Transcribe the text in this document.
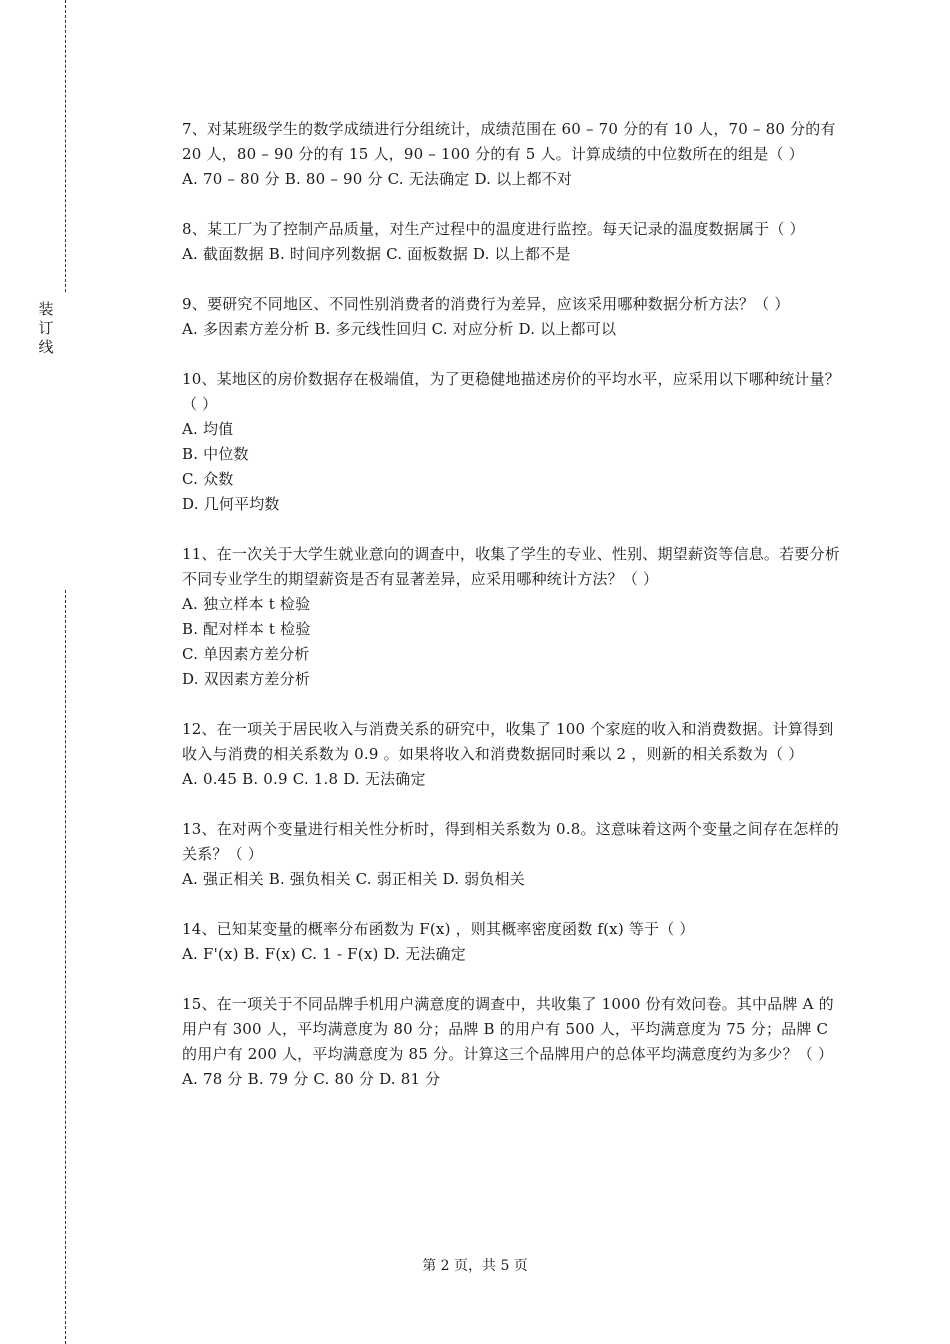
装
订
线

7、对某班级学生的数学成绩进行分组统计，成绩范围在 60 – 70 分的有 10 人，70 – 80 分的有 20 人，80 – 90 分的有 15 人，90 – 100 分的有 5 人。计算成绩的中位数所在的组是（ ）

A. 70 – 80 分 B. 80 – 90 分 C. 无法确定 D. 以上都不对

8、某工厂为了控制产品质量，对生产过程中的温度进行监控。每天记录的温度数据属于（ ）

A. 截面数据 B. 时间序列数据 C. 面板数据 D. 以上都不是

9、要研究不同地区、不同性别消费者的消费行为差异，应该采用哪种数据分析方法？（ ）

A. 多因素方差分析 B. 多元线性回归 C. 对应分析 D. 以上都可以

10、某地区的房价数据存在极端值，为了更稳健地描述房价的平均水平，应采用以下哪种统计量？（ ）

A. 均值

B. 中位数

C. 众数

D. 几何平均数

11、在一次关于大学生就业意向的调查中，收集了学生的专业、性别、期望薪资等信息。若要分析不同专业学生的期望薪资是否有显著差异，应采用哪种统计方法？（ ）

A. 独立样本 t 检验

B. 配对样本 t 检验

C. 单因素方差分析

D. 双因素方差分析

12、在一项关于居民收入与消费关系的研究中，收集了 100 个家庭的收入和消费数据。计算得到收入与消费的相关系数为 0.9 。如果将收入和消费数据同时乘以 2 ，则新的相关系数为（ ）

A. 0.45 B. 0.9 C. 1.8 D. 无法确定

13、在对两个变量进行相关性分析时，得到相关系数为 0.8。这意味着这两个变量之间存在怎样的关系？（ ）

A. 强正相关 B. 强负相关 C. 弱正相关 D. 弱负相关

14、已知某变量的概率分布函数为 F(x) ，则其概率密度函数 f(x) 等于（ ）

A. F'(x) B. F(x) C. 1 - F(x) D. 无法确定

15、在一项关于不同品牌手机用户满意度的调查中，共收集了 1000 份有效问卷。其中品牌 A 的用户有 300 人，平均满意度为 80 分；品牌 B 的用户有 500 人，平均满意度为 75 分；品牌 C 的用户有 200 人，平均满意度为 85 分。计算这三个品牌用户的总体平均满意度约为多少？（ ）

A. 78 分 B. 79 分 C. 80 分 D. 81 分

第 2 页，共 5 页
